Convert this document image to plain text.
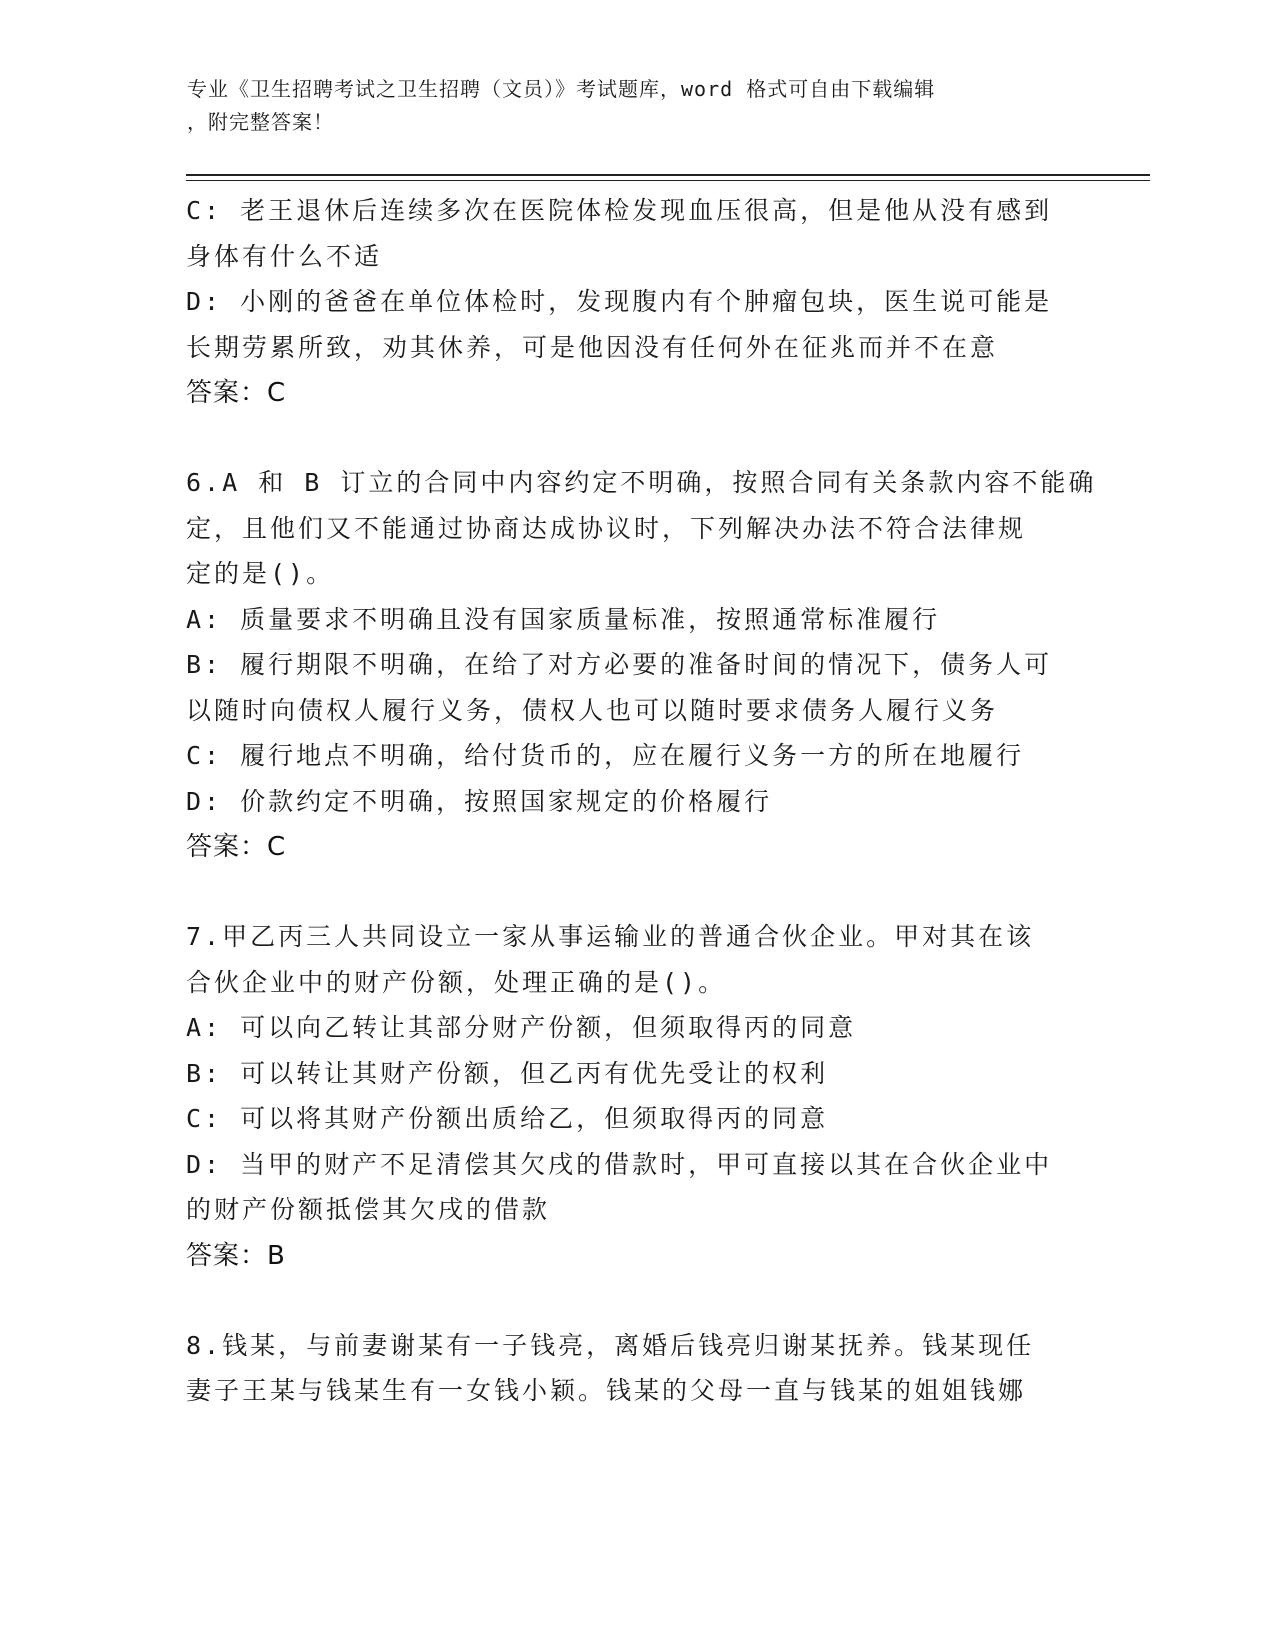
专业《卫生招聘考试之卫生招聘（文员）》考试题库，word 格式可自由下载编辑
，附完整答案！
C: 老王退休后连续多次在医院体检发现血压很高，但是他从没有感到
身体有什么不适
D: 小刚的爸爸在单位体检时，发现腹内有个肿瘤包块，医生说可能是
长期劳累所致，劝其休养，可是他因没有任何外在征兆而并不在意
答案：C
6.A 和 B 订立的合同中内容约定不明确，按照合同有关条款内容不能确
定，且他们又不能通过协商达成协议时，下列解决办法不符合法律规
定的是()。
A: 质量要求不明确且没有国家质量标准，按照通常标准履行
B: 履行期限不明确，在给了对方必要的准备时间的情况下，债务人可
以随时向债权人履行义务，债权人也可以随时要求债务人履行义务
C: 履行地点不明确，给付货币的，应在履行义务一方的所在地履行
D: 价款约定不明确，按照国家规定的价格履行
答案：C
7.甲乙丙三人共同设立一家从事运输业的普通合伙企业。甲对其在该
合伙企业中的财产份额，处理正确的是()。
A: 可以向乙转让其部分财产份额，但须取得丙的同意
B: 可以转让其财产份额，但乙丙有优先受让的权利
C: 可以将其财产份额出质给乙，但须取得丙的同意
D: 当甲的财产不足清偿其欠戌的借款时，甲可直接以其在合伙企业中
的财产份额抵偿其欠戌的借款
答案：B
8.钱某，与前妻谢某有一子钱亮，离婚后钱亮归谢某抚养。钱某现任
妻子王某与钱某生有一女钱小颖。钱某的父母一直与钱某的姐姐钱娜
